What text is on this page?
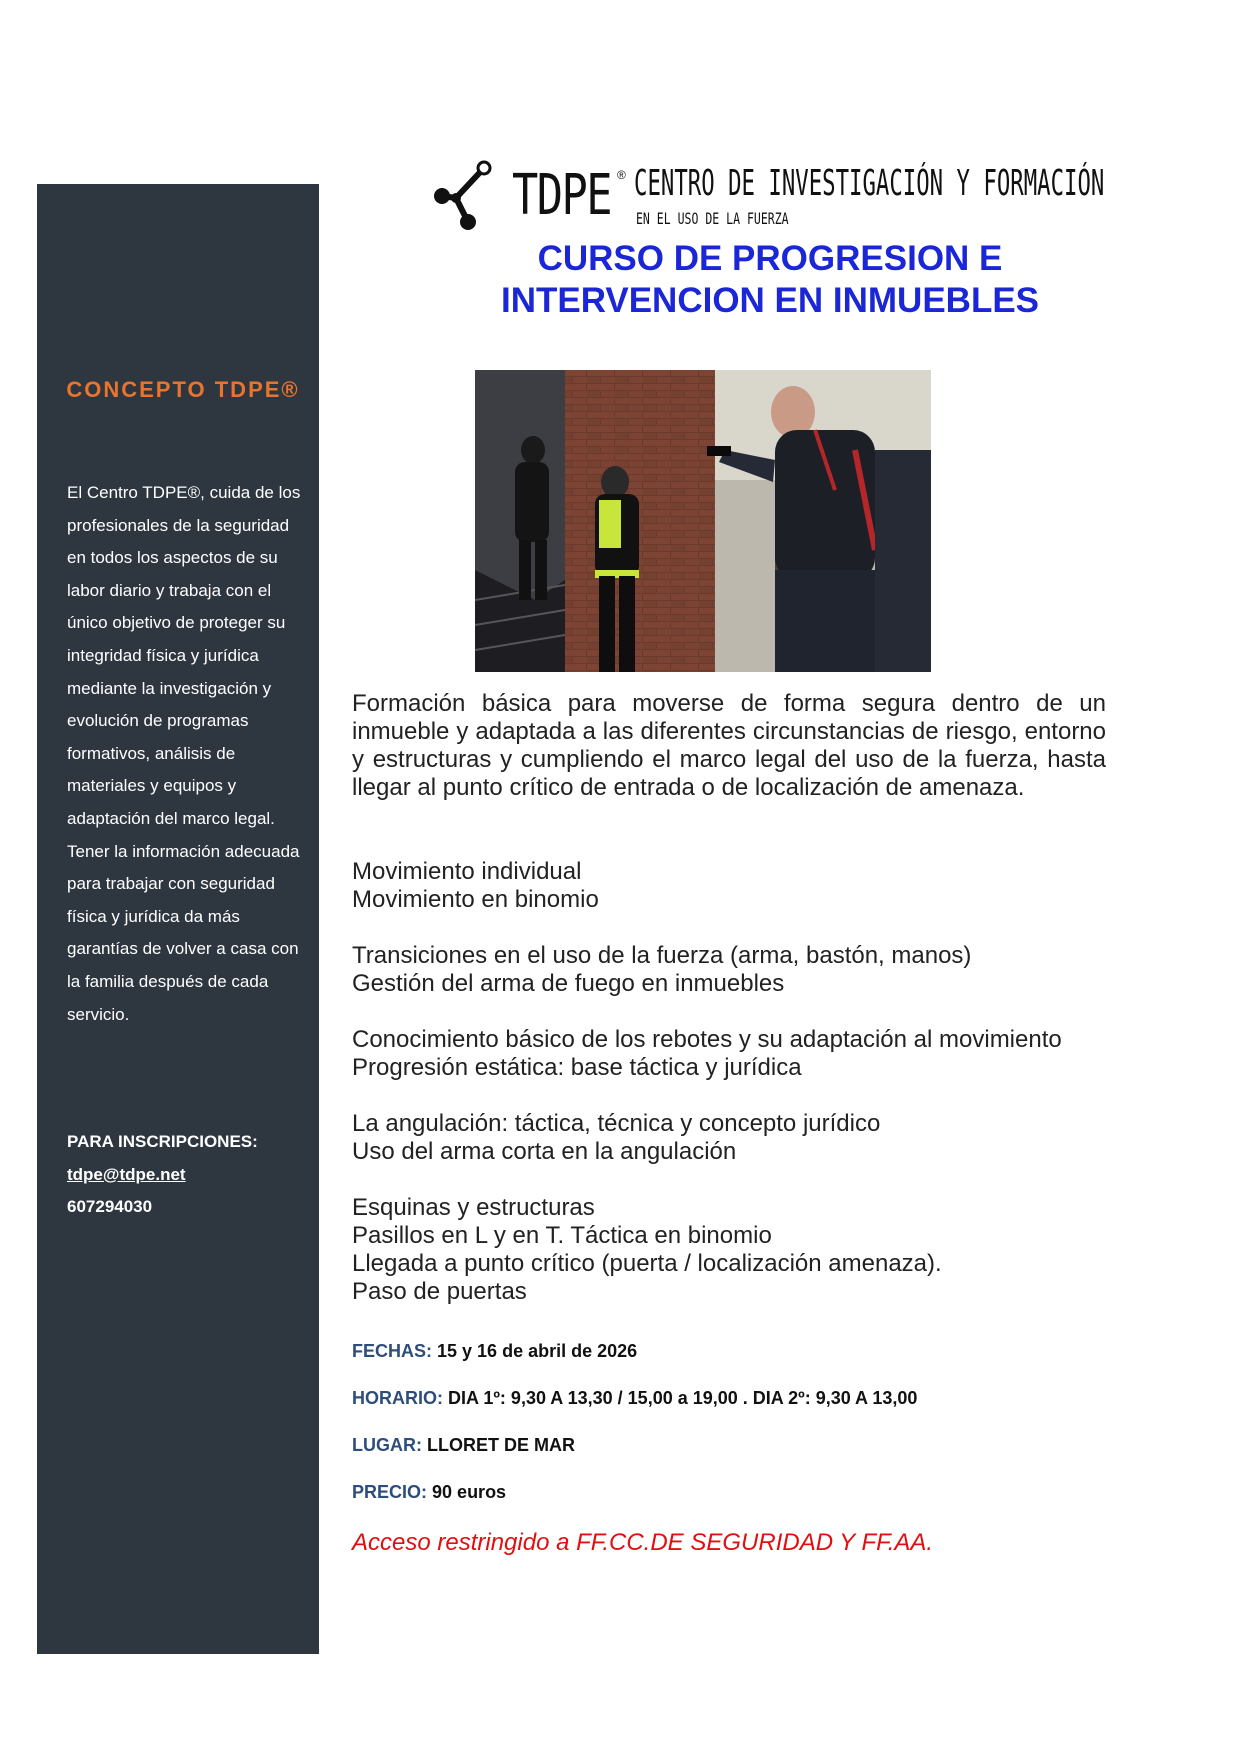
CONCEPTO TDPE®

El Centro TDPE®, cuida de los profesionales de la seguridad en todos los aspectos de su labor diario y trabaja con el único objetivo de proteger su integridad física y jurídica mediante la investigación y evolución de programas formativos, análisis de materiales y equipos y adaptación del marco legal. Tener la información adecuada para trabajar con seguridad física y jurídica da más garantías de volver a casa con la familia después de cada servicio.

PARA INSCRIPCIONES:
tdpe@tdpe.net
607294030
TDPE ® CENTRO DE INVESTIGACIÓN Y FORMACIÓN
EN EL USO DE LA FUERZA
CURSO DE PROGRESION E
INTERVENCION EN INMUEBLES

Formación básica para moverse de forma segura dentro de un inmueble y adaptada a las diferentes circunstancias de riesgo, entorno y estructuras y cumpliendo el marco legal del uso de la fuerza, hasta llegar al punto crítico de entrada o de localización de amenaza.

Movimiento individual
Movimiento en binomio
Transiciones en el uso de la fuerza (arma, bastón, manos)
Gestión del arma de fuego en inmuebles
Conocimiento básico de los rebotes y su adaptación al movimiento
Progresión estática: base táctica y jurídica
La angulación: táctica, técnica y concepto jurídico
Uso del arma corta en la angulación
Esquinas y estructuras
Pasillos en L y en T. Táctica en binomio
Llegada a punto crítico (puerta / localización amenaza).
Paso de puertas
FECHAS: 15 y 16 de abril de 2026
HORARIO: DIA 1º: 9,30 A 13,30 / 15,00 a 19,00 . DIA 2º: 9,30 A 13,00
LUGAR: LLORET DE MAR
PRECIO: 90 euros
Acceso restringido a FF.CC.DE SEGURIDAD Y FF.AA.
